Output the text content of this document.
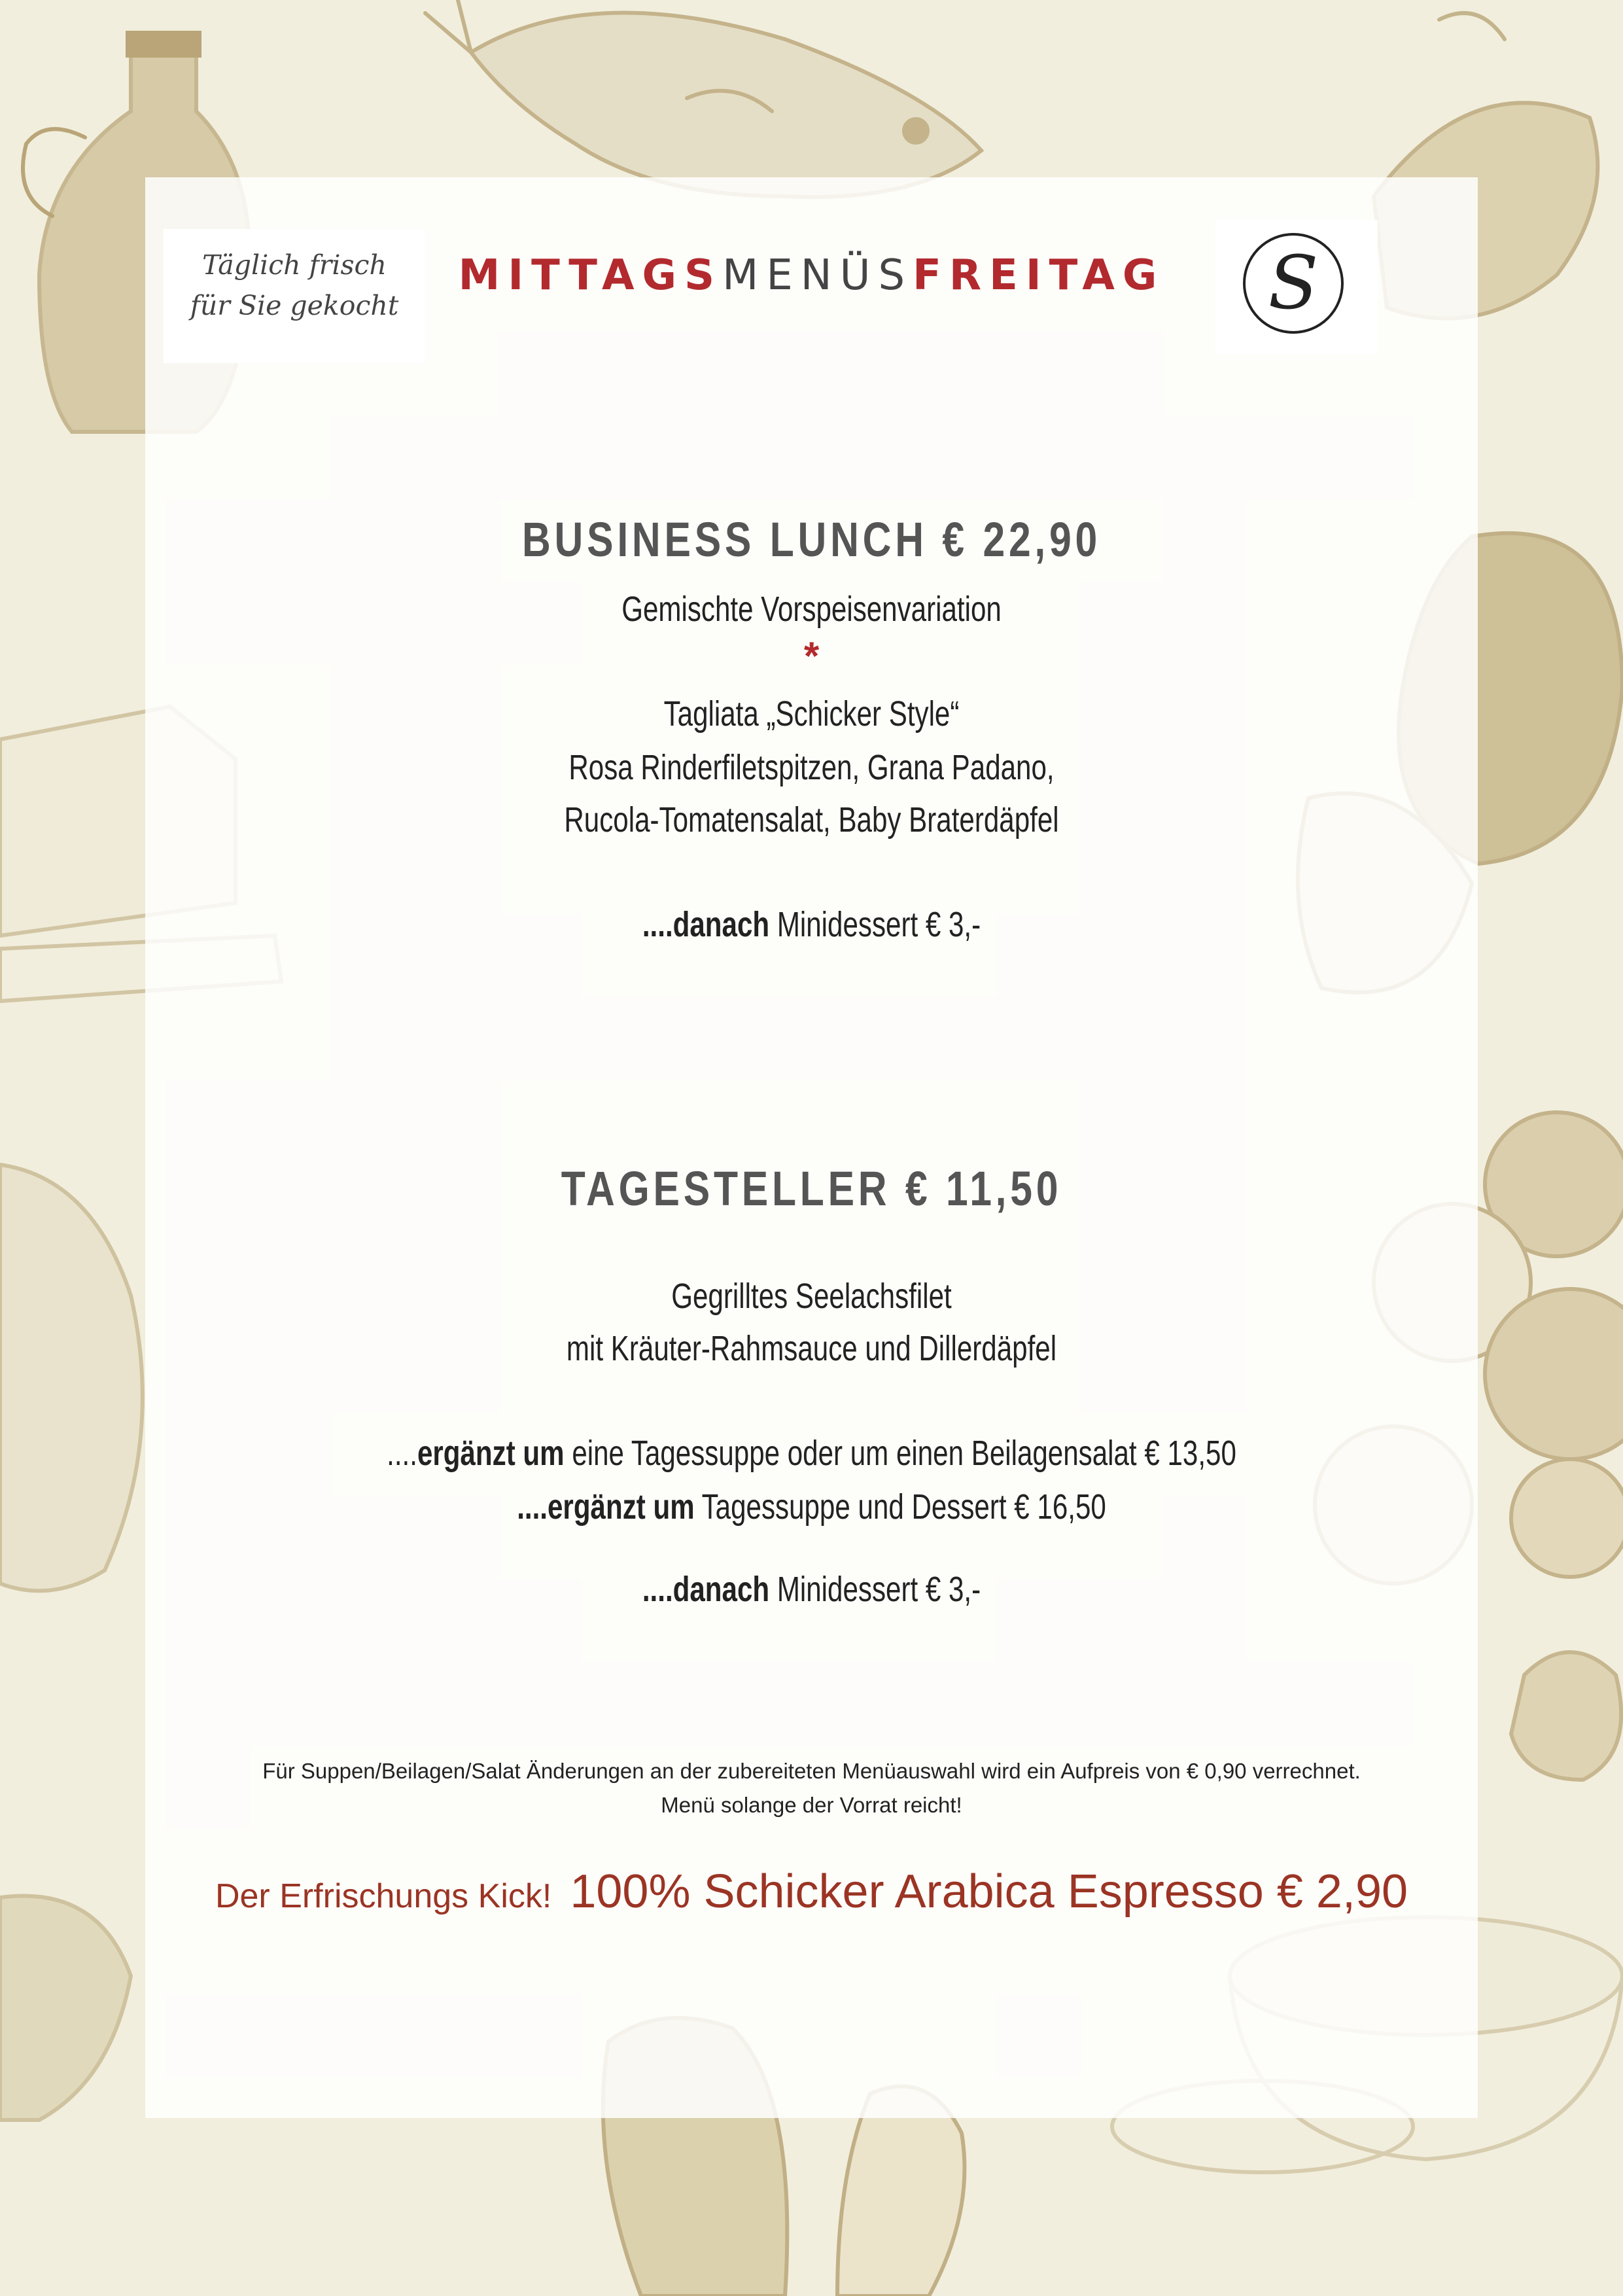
Täglich frisch
für Sie gekocht
MITTAGSMENÜSFREITAG	S
BUSINESS LUNCH € 22,90
Gemischte Vorspeisenvariation
*
Tagliata „Schicker Style“
Rosa Rinderfiletspitzen, Grana Padano,
Rucola-Tomatensalat, Baby Braterdäpfel
....danach Minidessert € 3,-
TAGESTELLER € 11,50
Gegrilltes Seelachsfilet
mit Kräuter-Rahmsauce und Dillerdäpfel
....ergänzt um eine Tagessuppe oder um einen Beilagensalat € 13,50
....ergänzt um Tagessuppe und Dessert € 16,50
....danach Minidessert € 3,-
Für Suppen/Beilagen/Salat Änderungen an der zubereiteten Menüauswahl wird ein Aufpreis von € 0,90 verrechnet.
Menü solange der Vorrat reicht!
Der Erfrischungs Kick! 100% Schicker Arabica Espresso € 2,90
